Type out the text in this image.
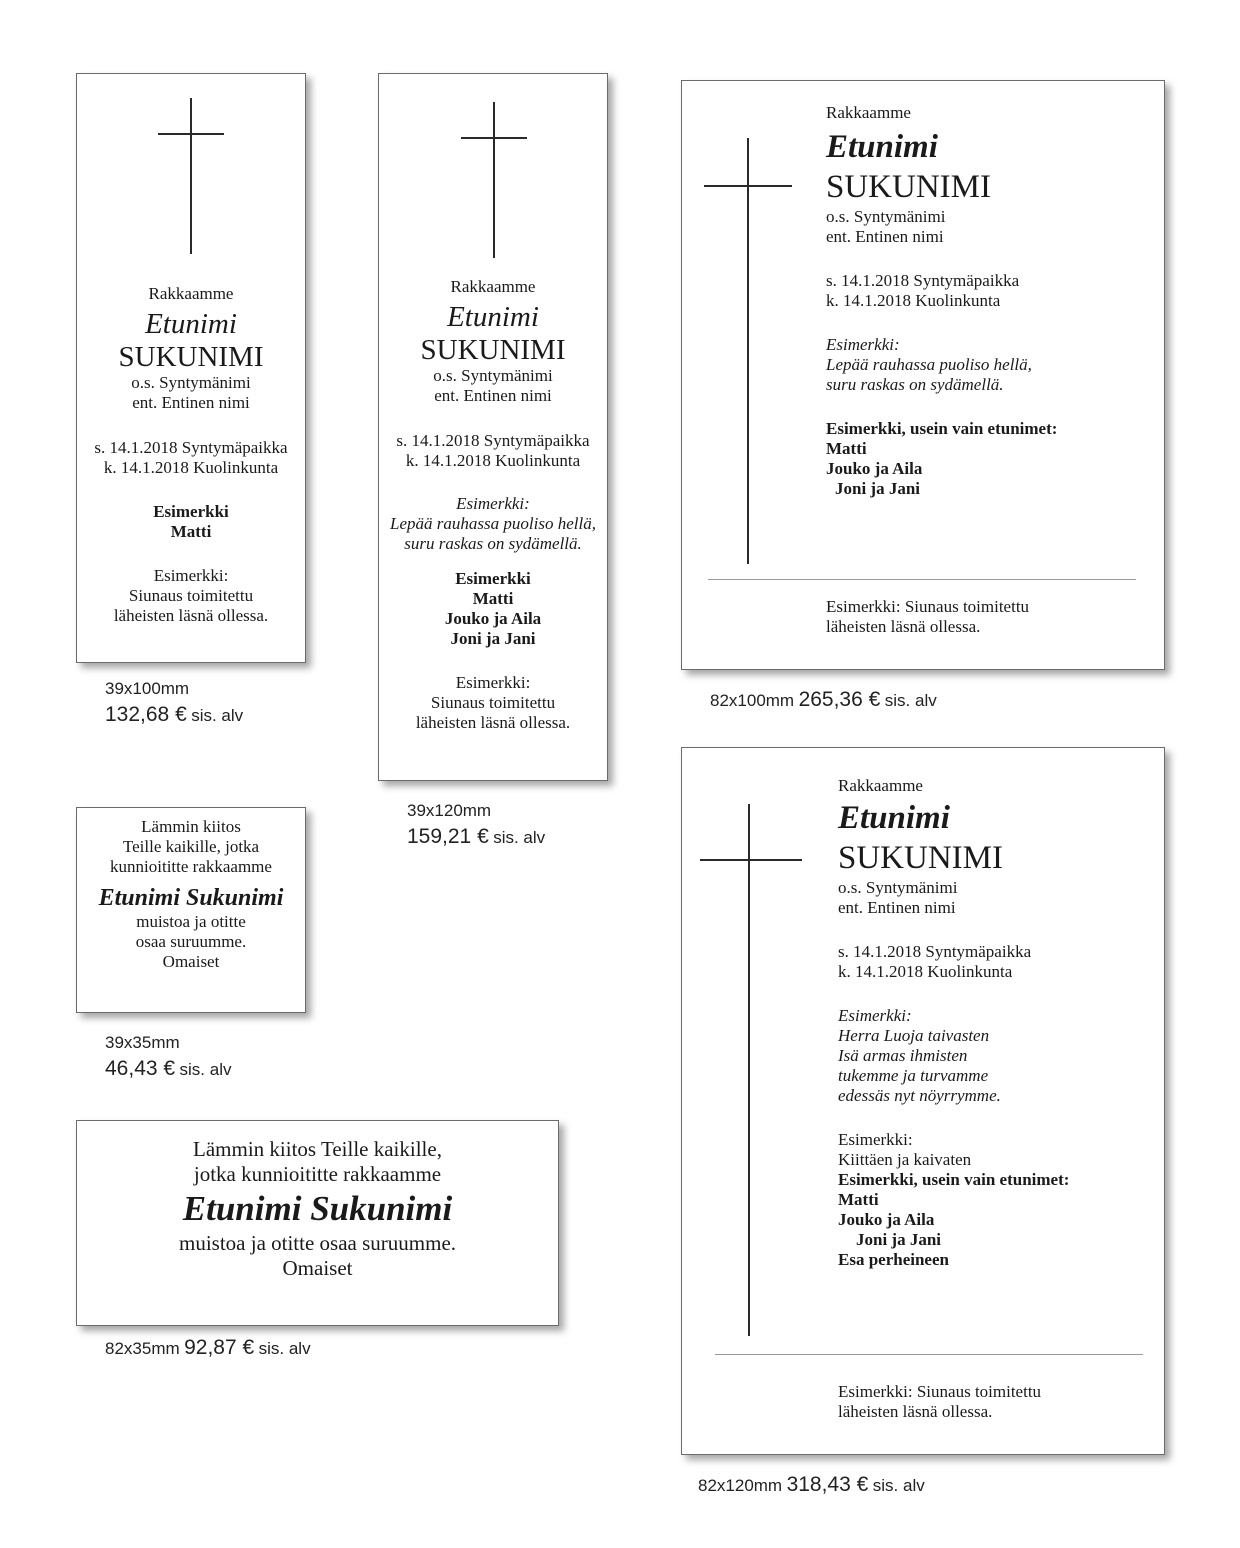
Rakkaamme
Etunimi
SUKUNIMI
o.s. Syntymänimi
ent. Entinen nimi
s. 14.1.2018 Syntymäpaikka
k. 14.1.2018 Kuolinkunta
Esimerkki
Matti
Esimerkki:
Siunaus toimitettu
läheisten läsnä ollessa.
39x100mm
132,68 € sis. alv
Rakkaamme
Etunimi
SUKUNIMI
o.s. Syntymänimi
ent. Entinen nimi
s. 14.1.2018 Syntymäpaikka
k. 14.1.2018 Kuolinkunta
Esimerkki:
Lepää rauhassa puoliso hellä,
suru raskas on sydämellä.
Esimerkki
Matti
Jouko ja Aila
Joni ja Jani
Esimerkki:
Siunaus toimitettu
läheisten läsnä ollessa.
39x120mm
159,21 € sis. alv
Rakkaamme
Etunimi
SUKUNIMI
o.s. Syntymänimi
ent. Entinen nimi
s. 14.1.2018 Syntymäpaikka
k. 14.1.2018 Kuolinkunta
Esimerkki:
Lepää rauhassa puoliso hellä,
suru raskas on sydämellä.
Esimerkki, usein vain etunimet:
Matti
Jouko ja Aila
Joni ja Jani
Esimerkki: Siunaus toimitettu
läheisten läsnä ollessa.
82x100mm 265,36 € sis. alv
Lämmin kiitos
Teille kaikille, jotka
kunnioititte rakkaamme
Etunimi Sukunimi
muistoa ja otitte
osaa suruumme.
Omaiset
39x35mm
46,43 € sis. alv
Lämmin kiitos Teille kaikille,
jotka kunnioititte rakkaamme
Etunimi Sukunimi
muistoa ja otitte osaa suruumme.
Omaiset
82x35mm 92,87 € sis. alv
Rakkaamme
Etunimi
SUKUNIMI
o.s. Syntymänimi
ent. Entinen nimi
s. 14.1.2018 Syntymäpaikka
k. 14.1.2018 Kuolinkunta
Esimerkki:
Herra Luoja taivasten
Isä armas ihmisten
tukemme ja turvamme
edessäs nyt nöyrrymme.
Esimerkki:
Kiittäen ja kaivaten
Esimerkki, usein vain etunimet:
Matti
Jouko ja Aila
Joni ja Jani
Esa perheineen
Esimerkki: Siunaus toimitettu
läheisten läsnä ollessa.
82x120mm 318,43 € sis. alv
